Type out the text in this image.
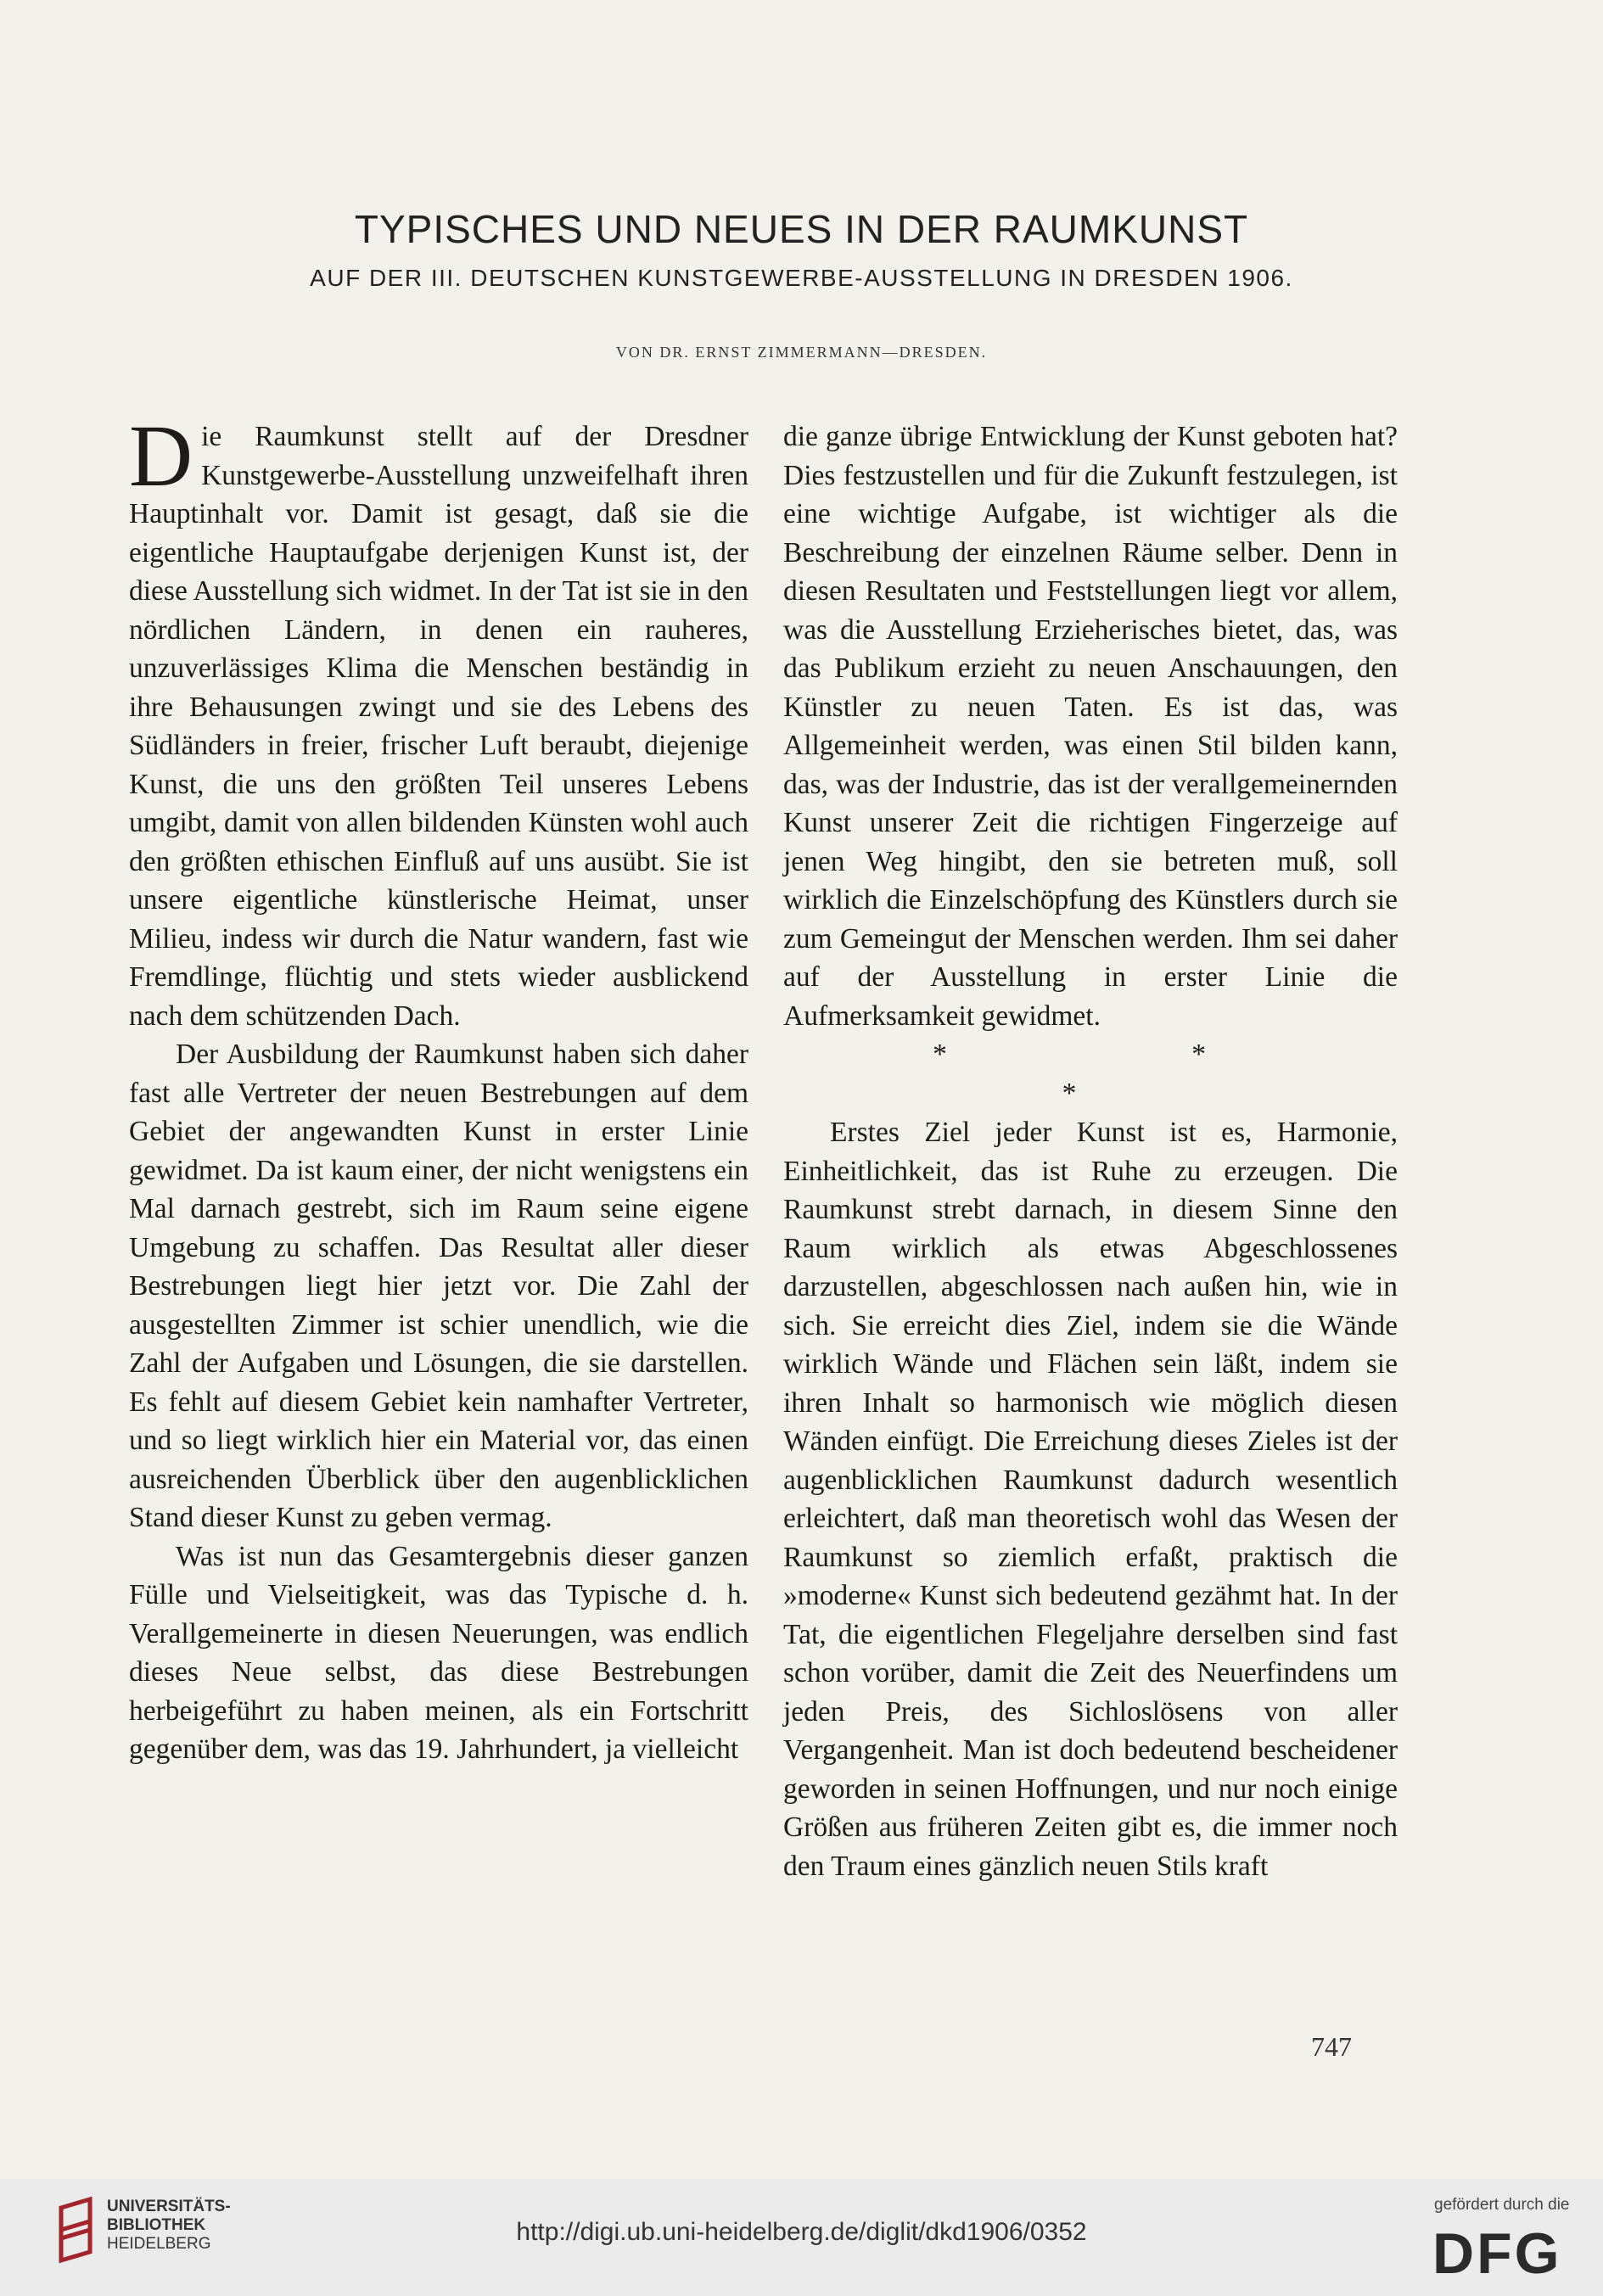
TYPISCHES UND NEUES IN DER RAUMKUNST
AUF DER III. DEUTSCHEN KUNSTGEWERBE-AUSSTELLUNG IN DRESDEN 1906.
VON DR. ERNST ZIMMERMANN—DRESDEN.

Die Raumkunst stellt auf der Dresdner Kunstgewerbe-Ausstellung unzweifelhaft ihren Hauptinhalt vor. Damit ist gesagt, daß sie die eigentliche Hauptaufgabe derjenigen Kunst ist, der diese Ausstellung sich widmet. In der Tat ist sie in den nördlichen Ländern, in denen ein rauheres, unzuverlässiges Klima die Menschen beständig in ihre Behausungen zwingt und sie des Lebens des Südländers in freier, frischer Luft beraubt, diejenige Kunst, die uns den größten Teil unseres Lebens umgibt, damit von allen bildenden Künsten wohl auch den größten ethischen Einfluß auf uns ausübt. Sie ist unsere eigentliche künstlerische Heimat, unser Milieu, indess wir durch die Natur wandern, fast wie Fremdlinge, flüchtig und stets wieder ausblickend nach dem schützenden Dach.

Der Ausbildung der Raumkunst haben sich daher fast alle Vertreter der neuen Bestrebungen auf dem Gebiet der angewandten Kunst in erster Linie gewidmet. Da ist kaum einer, der nicht wenigstens ein Mal darnach gestrebt, sich im Raum seine eigene Umgebung zu schaffen. Das Resultat aller dieser Bestrebungen liegt hier jetzt vor. Die Zahl der ausgestellten Zimmer ist schier unendlich, wie die Zahl der Aufgaben und Lösungen, die sie darstellen. Es fehlt auf diesem Gebiet kein namhafter Vertreter, und so liegt wirklich hier ein Material vor, das einen ausreichenden Überblick über den augenblicklichen Stand dieser Kunst zu geben vermag.

Was ist nun das Gesamtergebnis dieser ganzen Fülle und Vielseitigkeit, was das Typische d. h. Verallgemeinerte in diesen Neuerungen, was endlich dieses Neue selbst, das diese Bestrebungen herbeigeführt zu haben meinen, als ein Fortschritt gegenüber dem, was das 19. Jahrhundert, ja vielleicht

die ganze übrige Entwicklung der Kunst geboten hat? Dies festzustellen und für die Zukunft festzulegen, ist eine wichtige Aufgabe, ist wichtiger als die Beschreibung der einzelnen Räume selber. Denn in diesen Resultaten und Feststellungen liegt vor allem, was die Ausstellung Erzieherisches bietet, das, was das Publikum erzieht zu neuen Anschauungen, den Künstler zu neuen Taten. Es ist das, was Allgemeinheit werden, was einen Stil bilden kann, das, was der Industrie, das ist der verallgemeinernden Kunst unserer Zeit die richtigen Fingerzeige auf jenen Weg hingibt, den sie betreten muß, soll wirklich die Einzelschöpfung des Künstlers durch sie zum Gemeingut der Menschen werden. Ihm sei daher auf der Ausstellung in erster Linie die Aufmerksamkeit gewidmet.

* * *

Erstes Ziel jeder Kunst ist es, Harmonie, Einheitlichkeit, das ist Ruhe zu erzeugen. Die Raumkunst strebt darnach, in diesem Sinne den Raum wirklich als etwas Abgeschlossenes darzustellen, abgeschlossen nach außen hin, wie in sich. Sie erreicht dies Ziel, indem sie die Wände wirklich Wände und Flächen sein läßt, indem sie ihren Inhalt so harmonisch wie möglich diesen Wänden einfügt. Die Erreichung dieses Zieles ist der augenblicklichen Raumkunst dadurch wesentlich erleichtert, daß man theoretisch wohl das Wesen der Raumkunst so ziemlich erfaßt, praktisch die »moderne« Kunst sich bedeutend gezähmt hat. In der Tat, die eigentlichen Flegeljahre derselben sind fast schon vorüber, damit die Zeit des Neuerfindens um jeden Preis, des Sichloslösens von aller Vergangenheit. Man ist doch bedeutend bescheidener geworden in seinen Hoffnungen, und nur noch einige Größen aus früheren Zeiten gibt es, die immer noch den Traum eines gänzlich neuen Stils kraft

747
UNIVERSITÄTS-
BIBLIOTHEK
HEIDELBERG	http://digi.ub.uni-heidelberg.de/diglit/dkd1906/0352
gefördert durch die
DFG
